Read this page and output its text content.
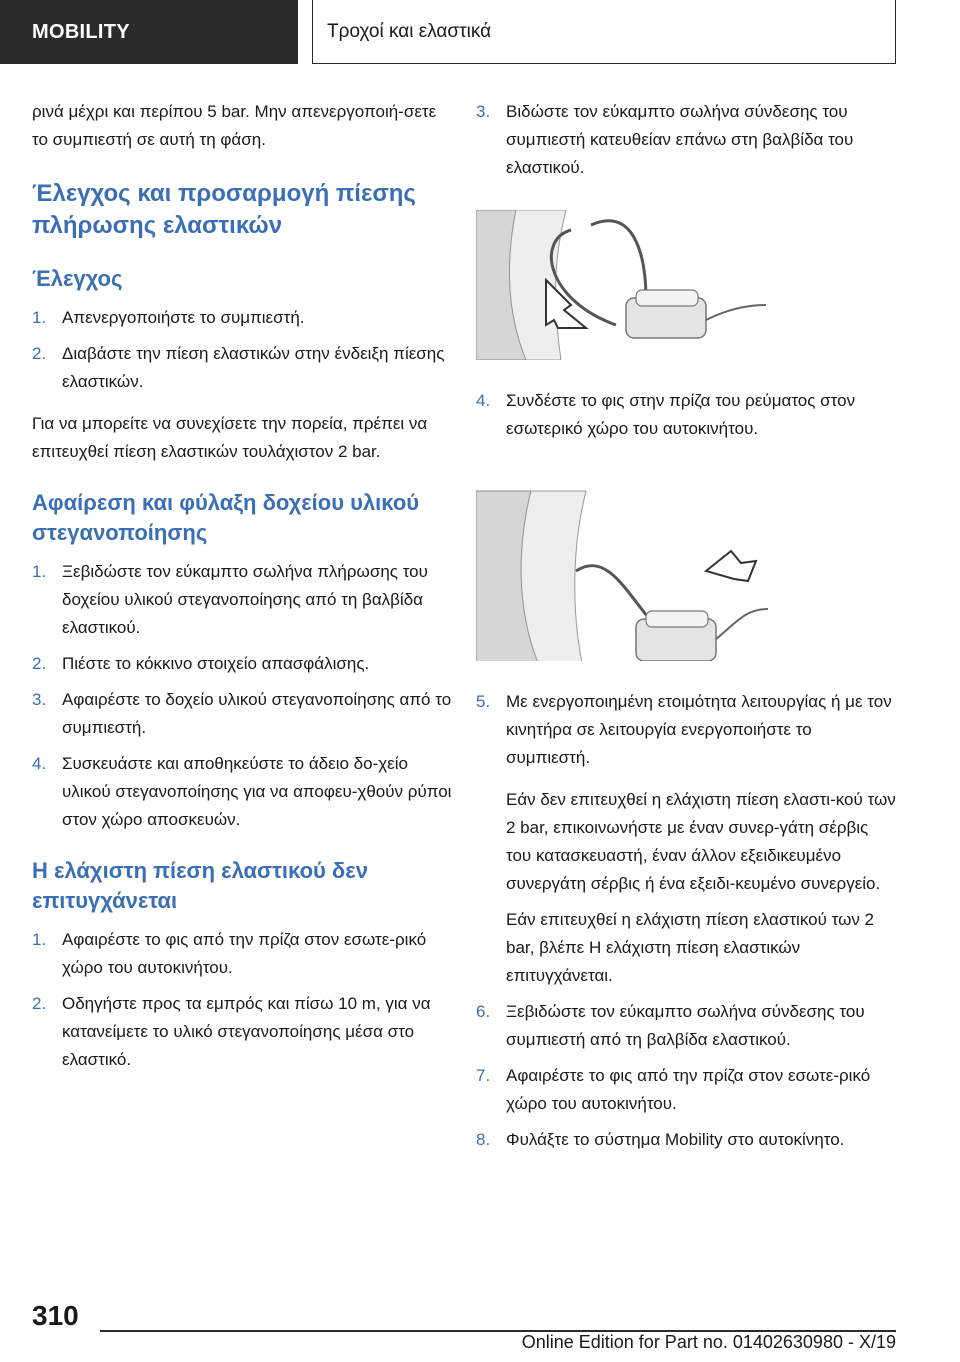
MOBILITY	Τροχοί και ελαστικά

ρινά μέχρι και περίπου 5 bar. Μην απενεργοποιή-σετε το συμπιεστή σε αυτή τη φάση.

Έλεγχος και προσαρμογή πίεσης πλήρωσης ελαστικών
Έλεγχος
1. Απενεργοποιήστε το συμπιεστή.
2. Διαβάστε την πίεση ελαστικών στην ένδειξη πίεσης ελαστικών.

Για να μπορείτε να συνεχίσετε την πορεία, πρέπει να επιτευχθεί πίεση ελαστικών τουλάχιστον 2 bar.

Αφαίρεση και φύλαξη δοχείου υλικού στεγανοποίησης
1. Ξεβιδώστε τον εύκαμπτο σωλήνα πλήρωσης του δοχείου υλικού στεγανοποίησης από τη βαλβίδα ελαστικού.
2. Πιέστε το κόκκινο στοιχείο απασφάλισης.
3. Αφαιρέστε το δοχείο υλικού στεγανοποίησης από το συμπιεστή.
4. Συσκευάστε και αποθηκεύστε το άδειο δο-χείο υλικού στεγανοποίησης για να αποφευ-χθούν ρύποι στον χώρο αποσκευών.
Η ελάχιστη πίεση ελαστικού δεν επιτυγχάνεται
1. Αφαιρέστε το φις από την πρίζα στον εσωτε-ρικό χώρο του αυτοκινήτου.
2. Οδηγήστε προς τα εμπρός και πίσω 10 m, για να κατανείμετε το υλικό στεγανοποίησης μέσα στο ελαστικό.
3. Βιδώστε τον εύκαμπτο σωλήνα σύνδεσης του συμπιεστή κατευθείαν επάνω στη βαλβίδα του ελαστικού.
4. Συνδέστε το φις στην πρίζα του ρεύματος στον εσωτερικό χώρο του αυτοκινήτου.
5. Με ενεργοποιημένη ετοιμότητα λειτουργίας ή με τον κινητήρα σε λειτουργία ενεργοποιήστε το συμπιεστή.

Εάν δεν επιτευχθεί η ελάχιστη πίεση ελαστι-κού των 2 bar, επικοινωνήστε με έναν συνερ-γάτη σέρβις του κατασκευαστή, έναν άλλον εξειδικευμένο συνεργάτη σέρβις ή ένα εξειδι-κευμένο συνεργείο.

Εάν επιτευχθεί η ελάχιστη πίεση ελαστικού των 2 bar, βλέπε Η ελάχιστη πίεση ελαστικών επιτυγχάνεται.

6. Ξεβιδώστε τον εύκαμπτο σωλήνα σύνδεσης του συμπιεστή από τη βαλβίδα ελαστικού.
7. Αφαιρέστε το φις από την πρίζα στον εσωτε-ρικό χώρο του αυτοκινήτου.
8. Φυλάξτε το σύστημα Mobility στο αυτοκίνητο.
310
Online Edition for Part no. 01402630980 - X/19
